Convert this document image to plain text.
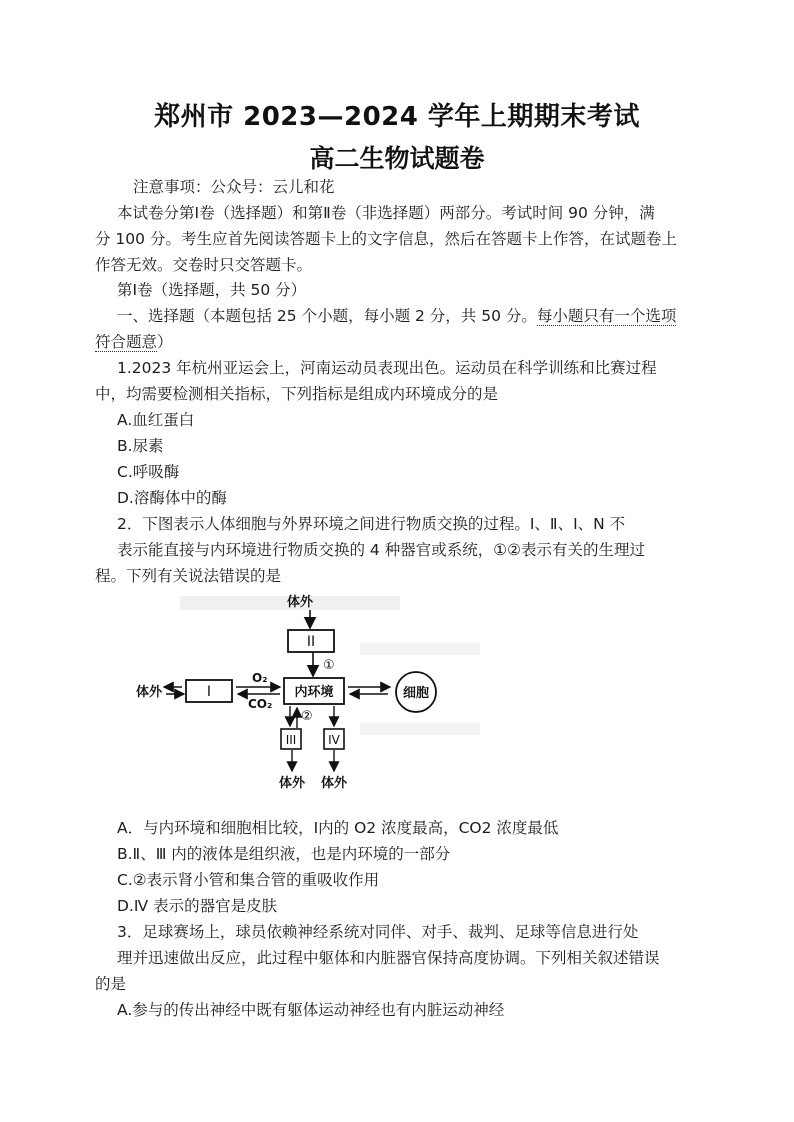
郑州市 2023—2024 学年上期期末考试
高二生物试题卷
注意事项：公众号：云儿和花
本试卷分第Ⅰ卷（选择题）和第Ⅱ卷（非选择题）两部分。考试时间 90 分钟，满
分 100 分。考生应首先阅读答题卡上的文字信息，然后在答题卡上作答，在试题卷上
作答无效。交卷时只交答题卡。
第Ⅰ卷（选择题，共 50 分）
一、选择题（本题包括 25 个小题，每小题 2 分，共 50 分。每小题只有一个选项
符合题意）
1.2023 年杭州亚运会上，河南运动员表现出色。运动员在科学训练和比赛过程
中，均需要检测相关指标，下列指标是组成内环境成分的是
A.血红蛋白
B.尿素
C.呼吸酶
D.溶酶体中的酶
2．下图表示人体细胞与外界环境之间进行物质交换的过程。Ⅰ、Ⅱ、Ⅰ、N 不
表示能直接与内环境进行物质交换的 4 种器官或系统，①②表示有关的生理过
程。下列有关说法错误的是
体外
II
①
内环境
I
体外
O₂
CO₂
细胞
②
III
体外
IV
体外
A．与内环境和细胞相比较，Ⅰ内的 O2 浓度最高，CO2 浓度最低
B.Ⅱ、Ⅲ 内的液体是组织液，也是内环境的一部分
C.②表示肾小管和集合管的重吸收作用
D.Ⅳ 表示的器官是皮肤
3．足球赛场上，球员依赖神经系统对同伴、对手、裁判、足球等信息进行处
理并迅速做出反应，此过程中躯体和内脏器官保持高度协调。下列相关叙述错误
的是
A.参与的传出神经中既有躯体运动神经也有内脏运动神经
